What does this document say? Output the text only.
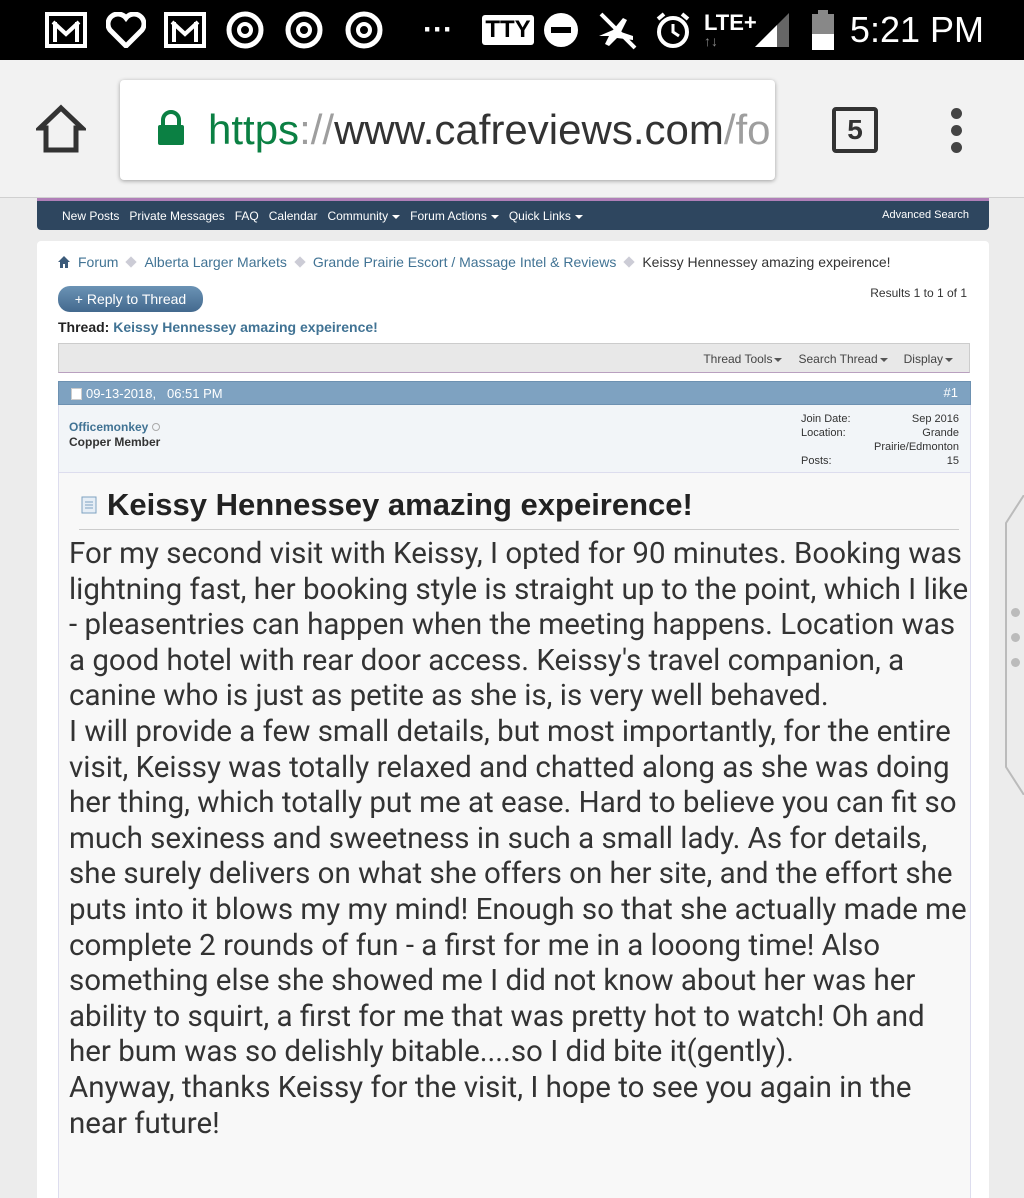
··· TTY	LTE+
↑↓	5:21 PM
https://www.cafreviews.com/fo	5
New Posts Private Messages FAQ Calendar Community	Forum Actions	Quick Links	Advanced Search
Forum Alberta Larger Markets Grande Prairie Escort / Massage Intel & Reviews Keissy Hennessey amazing expeirence!
+ Reply to Thread	Results 1 to 1 of 1
Thread: Keissy Hennessey amazing expeirence!
Thread Tools	Search Thread	Display
09-13-2018,
06:51 PM	#1
Officemonkey
Copper Member
Join Date:	Sep 2016
Location:	Grande Prairie/Edmonton
Posts:	15
Keissy Hennessey amazing expeirence!

For my second visit with Keissy, I opted for 90 minutes. Booking was lightning fast, her booking style is straight up to the point, which I like - pleasentries can happen when the meeting happens. Location was a good hotel with rear door access. Keissy's travel companion, a canine who is just as petite as she is, is very well behaved.

I will provide a few small details, but most importantly, for the entire visit, Keissy was totally relaxed and chatted along as she was doing her thing, which totally put me at ease. Hard to believe you can fit so much sexiness and sweetness in such a small lady. As for details, she surely delivers on what she offers on her site, and the effort she puts into it blows my my mind! Enough so that she actually made me complete 2 rounds of fun - a first for me in a looong time! Also something else she showed me I did not know about her was her ability to squirt, a first for me that was pretty hot to watch! Oh and her bum was so delishly bitable....so I did bite it(gently).

Anyway, thanks Keissy for the visit, I hope to see you again in the near future!
